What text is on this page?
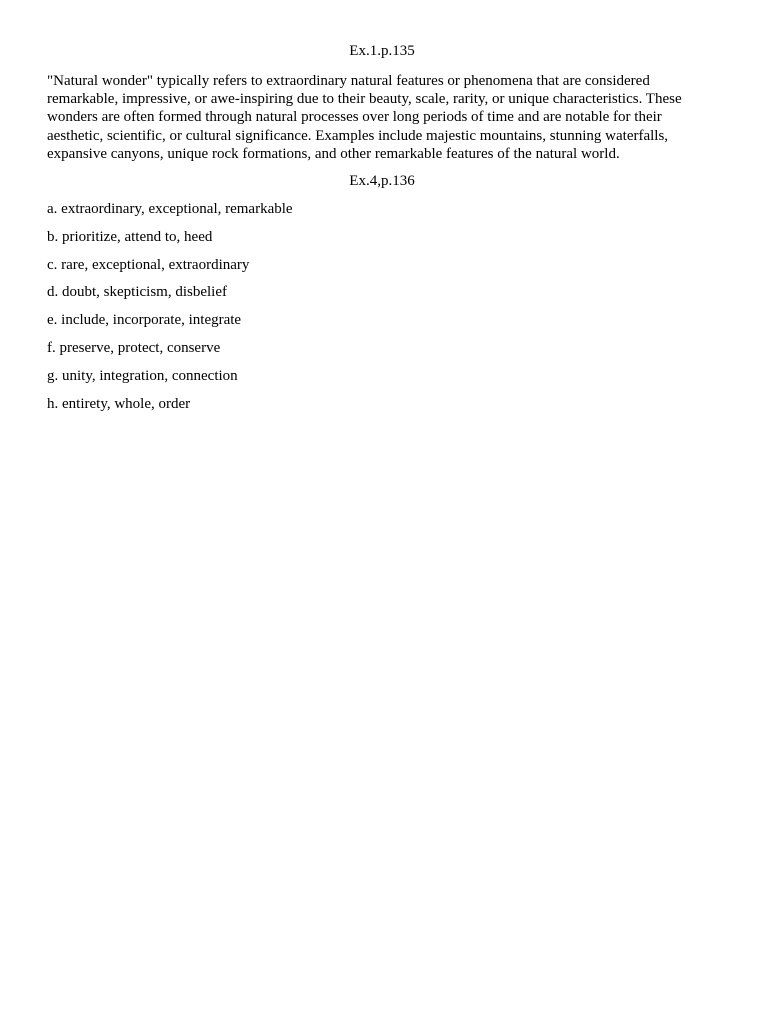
Ex.1.p.135

"Natural wonder" typically refers to extraordinary natural features or phenomena that are considered remarkable, impressive, or awe-inspiring due to their beauty, scale, rarity, or unique characteristics. These wonders are often formed through natural processes over long periods of time and are notable for their aesthetic, scientific, or cultural significance. Examples include majestic mountains, stunning waterfalls, expansive canyons, unique rock formations, and other remarkable features of the natural world.

Ex.4,p.136

a. extraordinary, exceptional, remarkable
b. prioritize, attend to, heed
c. rare, exceptional, extraordinary
d. doubt, skepticism, disbelief
e. include, incorporate, integrate
f. preserve, protect, conserve
g. unity, integration, connection
h. entirety, whole, order
